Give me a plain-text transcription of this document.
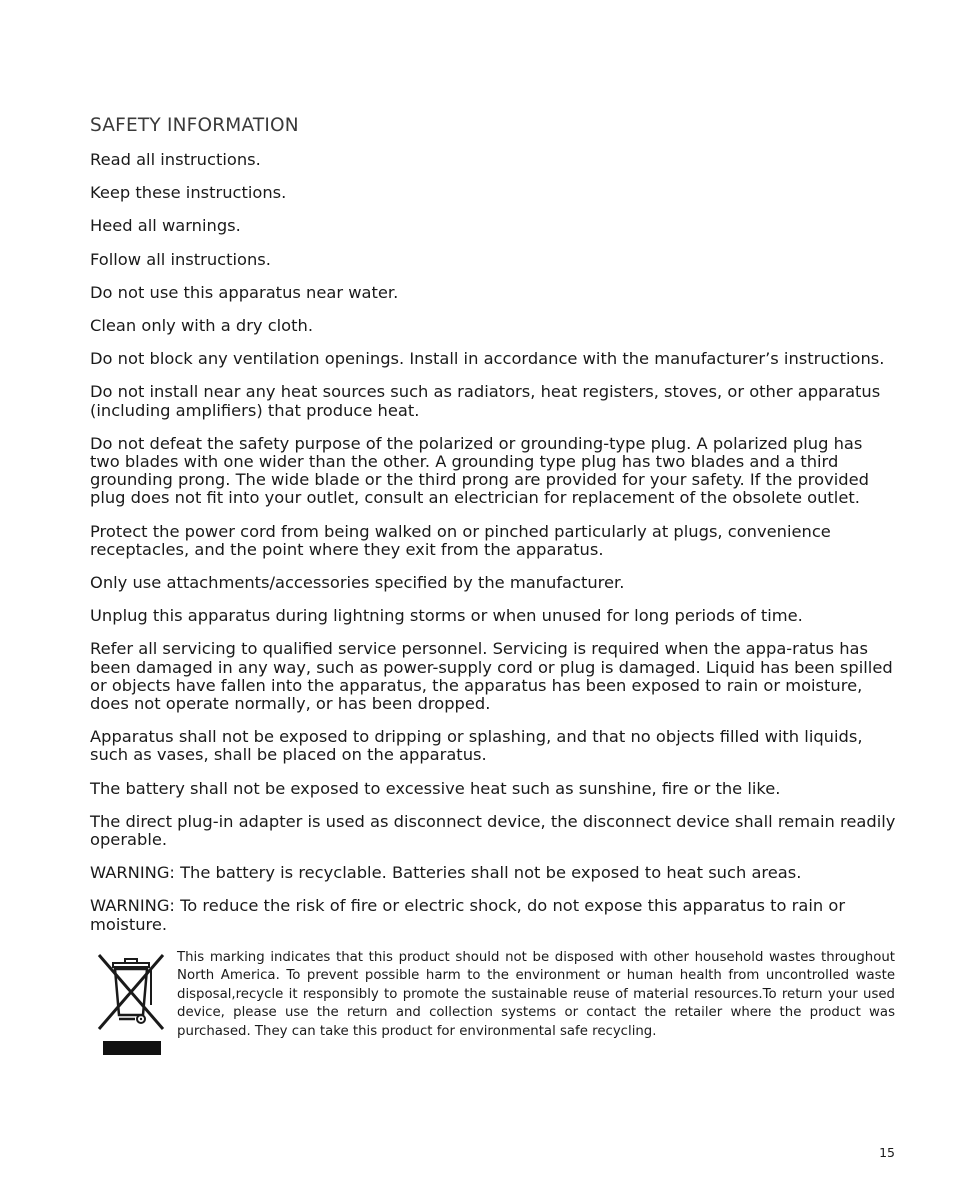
SAFETY INFORMATION
Read all instructions.
Keep these instructions.
Heed all warnings.
Follow all instructions.
Do not use this apparatus near water.
Clean only with a dry cloth.
Do not block any ventilation openings. Install in accordance with the manufacturer’s instructions.
Do not install near any heat sources such as radiators, heat registers, stoves, or other apparatus (including amplifiers) that produce heat.
Do not defeat the safety purpose of the polarized or grounding-type plug. A polarized plug has two blades with one wider than the other. A grounding type plug has two blades and a third grounding prong. The wide blade or the third prong are provided for your safety. If the provided plug does not fit into your outlet, consult an electrician for replacement of the obsolete outlet.
Protect the power cord from being walked on or pinched particularly at plugs, convenience receptacles, and the point where they exit from the apparatus.
Only use attachments/accessories specified by the manufacturer.
Unplug this apparatus during lightning storms or when unused for long periods of time.
Refer all servicing to qualified service personnel. Servicing is required when the appa-ratus has been damaged in any way, such as power-supply cord or plug is damaged. Liquid has been spilled or objects have fallen into the apparatus, the apparatus has been exposed to rain or moisture, does not operate normally, or has been dropped.
Apparatus shall not be exposed to dripping or splashing, and that no objects filled with liquids, such as vases, shall be placed on the apparatus.
The battery shall not be exposed to excessive heat such as sunshine, fire or the like.
The direct plug-in adapter is used as disconnect device, the disconnect device shall remain readily operable.
WARNING: The battery is recyclable. Batteries shall not be exposed to heat such areas.
WARNING: To reduce the risk of fire or electric shock, do not expose this apparatus to rain or moisture.
This marking indicates that this product should not be disposed with other household wastes throughout North America. To prevent possible harm to the environment or human health from uncontrolled waste disposal,recycle it responsibly to promote the sustainable reuse of material resources.To return your used device, please use the return and collection systems or contact the retailer where the product was purchased. They can take this product for environmental safe recycling.
15
